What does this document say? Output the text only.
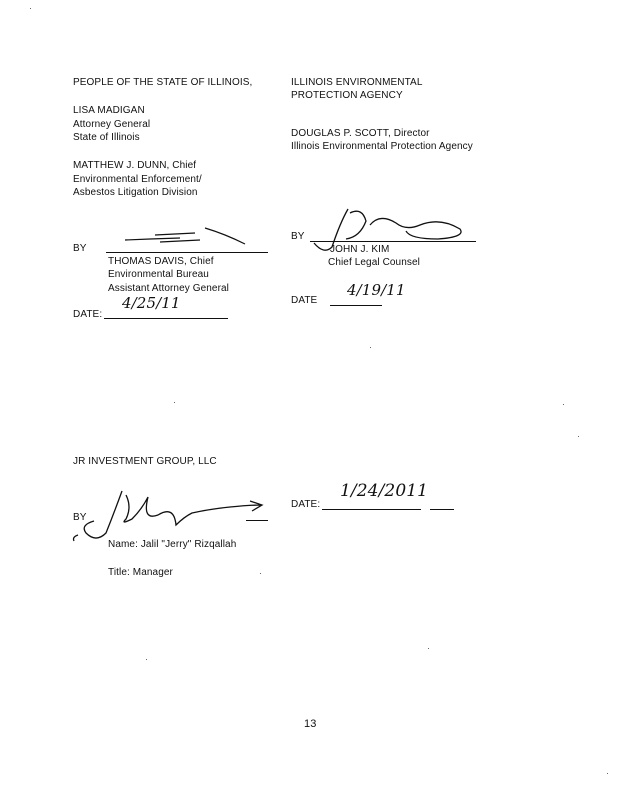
PEOPLE OF THE STATE OF ILLINOIS,
LISA MADIGAN
Attorney General
State of Illinois
MATTHEW J. DUNN, Chief
Environmental Enforcement/
Asbestos Litigation Division
BY
THOMAS DAVIS, Chief
Environmental Bureau
Assistant Attorney General
DATE:
4/25/11
ILLINOIS ENVIRONMENTAL
PROTECTION AGENCY
DOUGLAS P. SCOTT, Director
Illinois Environmental Protection Agency
BY
JOHN J. KIM
Chief Legal Counsel
DATE
4/19/11
JR INVESTMENT GROUP, LLC
BY
Name: Jalil "Jerry" Rizqallah
Title: Manager
DATE:
1/24/2011
13
